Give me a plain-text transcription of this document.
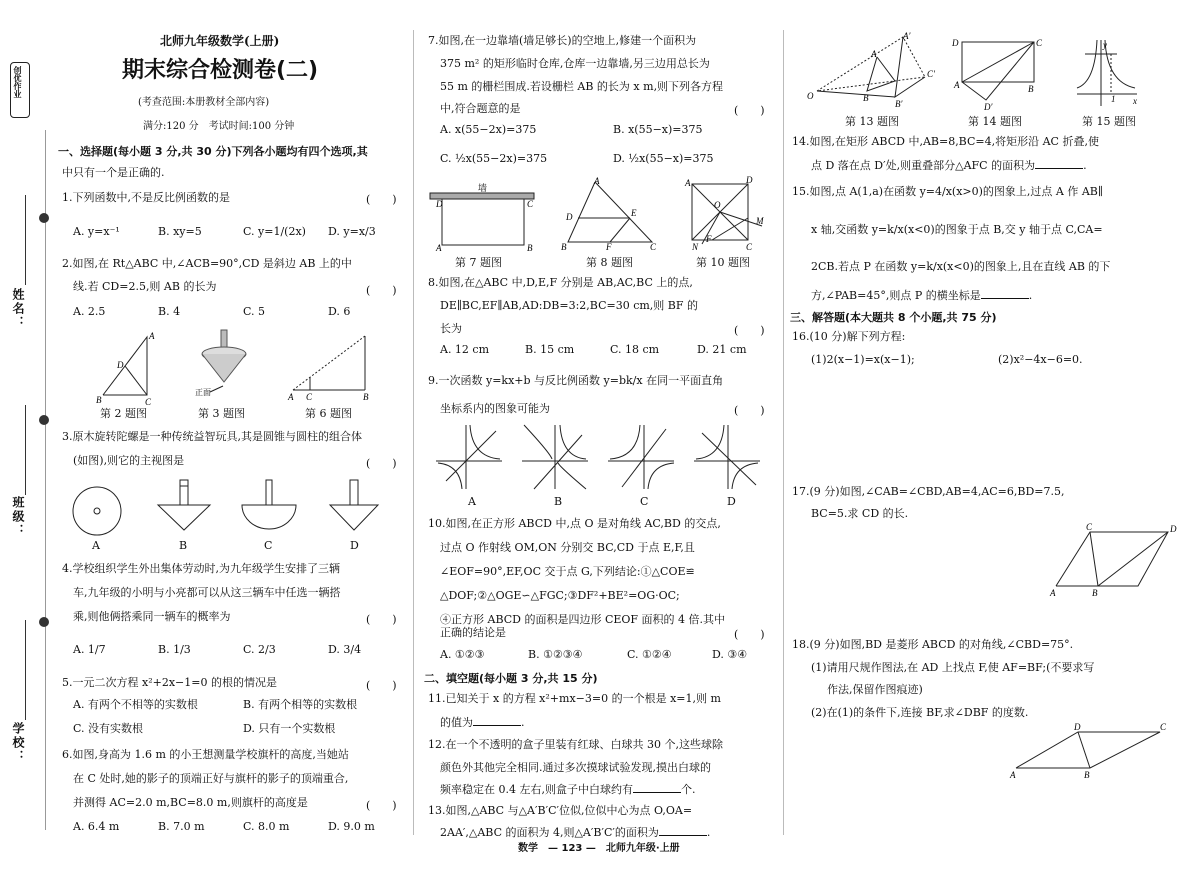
创优作业
姓名：
班级：
学校：
北师九年级数学(上册)
期末综合检测卷(二)
(考查范围:本册教材全部内容)
满分:120 分　考试时间:100 分钟
一、选择题(每小题 3 分,共 30 分)下列各小题均有四个选项,其
中只有一个是正确的.
1.下列函数中,不是反比例函数的是	(　　)
A. y=x⁻¹	B. xy=5	C. y=1/(2x) D. y=x/3
2.如图,在 Rt△ABC 中,∠ACB=90°,CD 是斜边 AB 上的中
线.若 CD=2.5,则 AB 的长为	(　　)
A. 2.5	B. 4	C. 5	D. 6
A
B	C
D
第 2 题图
正面
第 3 题图
A C	B
第 6 题图
3.原木旋转陀螺是一种传统益智玩具,其是圆锥与圆柱的组合体
(如图),则它的主视图是	(　　)
A	B	C	D
4.学校组织学生外出集体劳动时,为九年级学生安排了三辆
车,九年级的小明与小亮都可以从这三辆车中任选一辆搭
乘,则他俩搭乘同一辆车的概率为	(　　)
A. 1/7	B. 1/3	C. 2/3	D. 3/4
5.一元二次方程 x²+2x−1=0 的根的情况是	(　　)
A. 有两个不相等的实数根	B. 有两个相等的实数根
C. 没有实数根	D. 只有一个实数根
6.如图,身高为 1.6 m 的小王想测量学校旗杆的高度,当她站
在 C 处时,她的影子的顶端正好与旗杆的影子的顶端重合,
并测得 AC=2.0 m,BC=8.0 m,则旗杆的高度是	(　　)
A. 6.4 m	B. 7.0 m	C. 8.0 m	D. 9.0 m
7.如图,在一边靠墙(墙足够长)的空地上,修建一个面积为
375 m² 的矩形临时仓库,仓库一边靠墙,另三边用总长为
55 m 的栅栏围成.若设栅栏 AB 的长为 x m,则下列各方程
中,符合题意的是	(　　)
A. x(55−2x)=375	B. x(55−x)=375
C. ½x(55−2x)=375	D. ½x(55−x)=375
D	C
A	B
墙
第 7 题图
A
D	E
B	F	C
第 8 题图
A	D
O
M
N
F
C
第 10 题图
8.如图,在△ABC 中,D,E,F 分别是 AB,AC,BC 上的点,
DE∥BC,EF∥AB,AD:DB=3:2,BC=30 cm,则 BF 的
长为	(　　)
A. 12 cm	B. 15 cm	C. 18 cm	D. 21 cm
9.一次函数 y=kx+b 与反比例函数 y=bk/x 在同一平面直角
坐标系内的图象可能为	(　　)
A	B	C	D
10.如图,在正方形 ABCD 中,点 O 是对角线 AC,BD 的交点,
过点 O 作射线 OM,ON 分别交 BC,CD 于点 E,F,且
∠EOF=90°,EF,OC 交于点 G,下列结论:①△COE≌
△DOF;②△OGE∽△FGC;③DF²+BE²=OG·OC;
④正方形 ABCD 的面积是四边形 CEOF 面积的 4 倍.其中
正确的结论是	(　　)
A. ①②③	B. ①②③④	C. ①②④	D. ③④
二、填空题(每小题 3 分,共 15 分)
11.已知关于 x 的方程 x²+mx−3=0 的一个根是 x=1,则 m
的值为	.
12.在一个不透明的盒子里装有红球、白球共 30 个,这些球除
颜色外其他完全相同.通过多次摸球试验发现,摸出白球的
频率稳定在 0.4 左右,则盒子中白球约有	个.
13.如图,△ABC 与△A′B′C′位似,位似中心为点 O,OA=
2AA′,△ABC 的面积为 4,则△A′B′C′的面积为	.
O
A′
A
B
B′
C′
第 13 题图
D	C
A	B
D′
第 14 题图
y
x
1
第 15 题图
14.如图,在矩形 ABCD 中,AB=8,BC=4,将矩形沿 AC 折叠,使
点 D 落在点 D′处,则重叠部分△AFC 的面积为	.
15.如图,点 A(1,a)在函数 y=4/x(x>0)的图象上,过点 A 作 AB∥
x 轴,交函数 y=k/x(x<0)的图象于点 B,交 y 轴于点 C,CA=
2CB.若点 P 在函数 y=k/x(x<0)的图象上,且在直线 AB 的下
方,∠PAB=45°,则点 P 的横坐标是	.
三、解答题(本大题共 8 个小题,共 75 分)
16.(10 分)解下列方程:
(1)2(x−1)=x(x−1);	(2)x²−4x−6=0.
17.(9 分)如图,∠CAB=∠CBD,AB=4,AC=6,BD=7.5,
BC=5.求 CD 的长.
C	D
A	B
18.(9 分)如图,BD 是菱形 ABCD 的对角线,∠CBD=75°.
(1)请用尺规作图法,在 AD 上找点 F,使 AF=BF;(不要求写
作法,保留作图痕迹)
(2)在(1)的条件下,连接 BF,求∠DBF 的度数.
D	C
A	B
数学　— 123 —　北师九年级·上册
